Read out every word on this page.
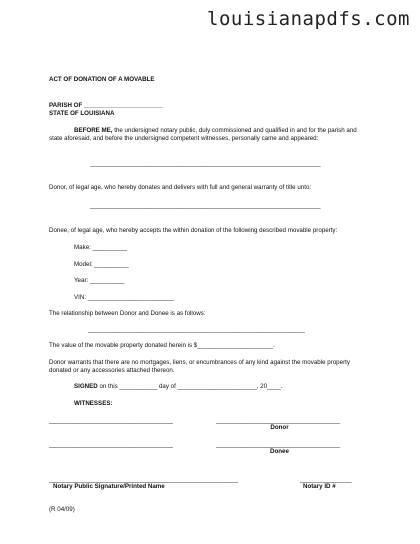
louisianapdfs.com
ACT OF DONATION OF A MOVABLE
PARISH OF _______________________
STATE OF LOUISIANA
BEFORE ME, the undersigned notary public, duly commissioned and qualified in and for the parish and state aforesaid, and before the undersigned competent witnesses, personally came and appeared:
___________________________________________________________________
Donor, of legal age, who hereby donates and delivers with full and general warranty of title unto:
___________________________________________________________________
Donee, of legal age, who hereby accepts the within donation of the following described movable property:
Make: __________
Model: __________
Year: __________
VIN: _________________________
The relationship between Donor and Donee is as follows:
_______________________________________________________________
The value of the movable property donated herein is $______________________.
Donor warrants that there are no mortgages, liens, or encumbrances of any kind against the movable property donated or any accessories attached thereon.
SIGNED on this ___________ day of _______________________, 20____.
WITNESSES:
____________________________________	____________________________________
Donor
____________________________________	____________________________________
Donee
_______________________________________________________	_______________
Notary Public Signature/Printed Name	Notary ID #
(R 04/09)
